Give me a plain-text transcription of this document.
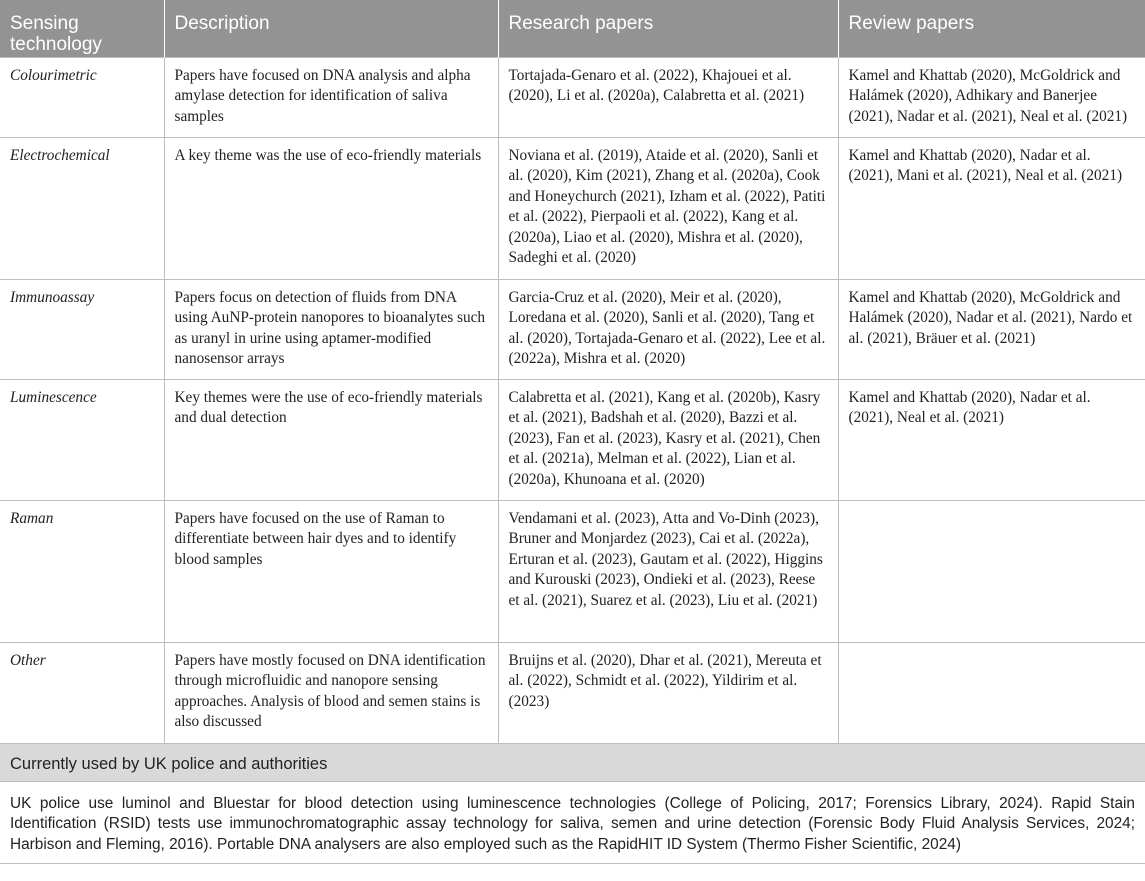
Sensing technology	Description	Research papers	Review papers
Colourimetric	Papers have focused on DNA analysis and alpha amylase detection for identification of saliva samples	Tortajada-Genaro et al. (2022), Khajouei et al. (2020), Li et al. (2020a), Calabretta et al. (2021)	Kamel and Khattab (2020), McGoldrick and Halámek (2020), Adhikary and Banerjee (2021), Nadar et al. (2021), Neal et al. (2021)
Electrochemical	A key theme was the use of eco-friendly materials	Noviana et al. (2019), Ataide et al. (2020), Sanli et al. (2020), Kim (2021), Zhang et al. (2020a), Cook and Honeychurch (2021), Izham et al. (2022), Patiti et al. (2022), Pierpaoli et al. (2022), Kang et al. (2020a), Liao et al. (2020), Mishra et al. (2020), Sadeghi et al. (2020)	Kamel and Khattab (2020), Nadar et al. (2021), Mani et al. (2021), Neal et al. (2021)
Immunoassay	Papers focus on detection of fluids from DNA using AuNP-protein nanopores to bioanalytes such as uranyl in urine using aptamer-modified nanosensor arrays	Garcia-Cruz et al. (2020), Meir et al. (2020), Loredana et al. (2020), Sanli et al. (2020), Tang et al. (2020), Tortajada-Genaro et al. (2022), Lee et al. (2022a), Mishra et al. (2020)	Kamel and Khattab (2020), McGoldrick and Halámek (2020), Nadar et al. (2021), Nardo et al. (2021), Bräuer et al. (2021)
Luminescence	Key themes were the use of eco-friendly materials and dual detection	Calabretta et al. (2021), Kang et al. (2020b), Kasry et al. (2021), Badshah et al. (2020), Bazzi et al. (2023), Fan et al. (2023), Kasry et al. (2021), Chen et al. (2021a), Melman et al. (2022), Lian et al. (2020a), Khunoana et al. (2020)	Kamel and Khattab (2020), Nadar et al. (2021), Neal et al. (2021)
Raman	Papers have focused on the use of Raman to differentiate between hair dyes and to identify blood samples	Vendamani et al. (2023), Atta and Vo-Dinh (2023), Bruner and Monjardez (2023), Cai et al. (2022a), Erturan et al. (2023), Gautam et al. (2022), Higgins and Kurouski (2023), Ondieki et al. (2023), Reese et al. (2021), Suarez et al. (2023), Liu et al. (2021)	
Other	Papers have mostly focused on DNA identification through microfluidic and nanopore sensing approaches. Analysis of blood and semen stains is also discussed	Bruijns et al. (2020), Dhar et al. (2021), Mereuta et al. (2022), Schmidt et al. (2022), Yildirim et al. (2023)	
Currently used by UK police and authorities			
UK police use luminol and Bluestar for blood detection using luminescence technologies (College of Policing, 2017; Forensics Library, 2024). Rapid Stain Identification (RSID) tests use immunochromatographic assay technology for saliva, semen and urine detection (Forensic Body Fluid Analysis Services, 2024; Harbison and Fleming, 2016). Portable DNA analysers are also employed such as the RapidHIT ID System (Thermo Fisher Scientific, 2024)			
